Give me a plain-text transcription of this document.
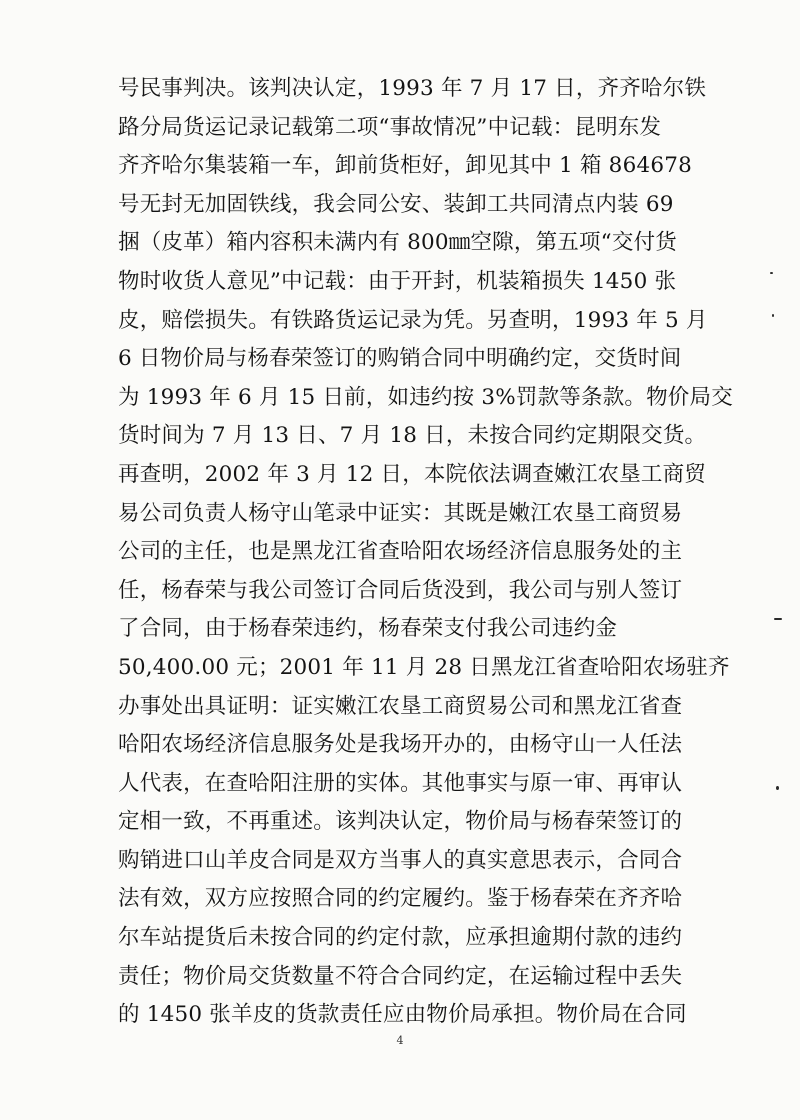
号民事判决。该判决认定，1993 年 7 月 17 日，齐齐哈尔铁
路分局货运记录记载第二项“事故情况”中记载：昆明东发
齐齐哈尔集装箱一车，卸前货柜好，卸见其中 1 箱 864678
号无封无加固铁线，我会同公安、装卸工共同清点内装 69
捆（皮革）箱内容积未满内有 800㎜空隙，第五项“交付货
物时收货人意见”中记载：由于开封，机装箱损失 1450 张
皮，赔偿损失。有铁路货运记录为凭。另查明，1993 年 5 月
6 日物价局与杨春荣签订的购销合同中明确约定，交货时间
为 1993 年 6 月 15 日前，如违约按 3%罚款等条款。物价局交
货时间为 7 月 13 日、7 月 18 日，未按合同约定期限交货。
再查明，2002 年 3 月 12 日，本院依法调查嫩江农垦工商贸
易公司负责人杨守山笔录中证实：其既是嫩江农垦工商贸易
公司的主任，也是黑龙江省查哈阳农场经济信息服务处的主
任，杨春荣与我公司签订合同后货没到，我公司与别人签订
了合同，由于杨春荣违约，杨春荣支付我公司违约金
50,400.00 元；2001 年 11 月 28 日黑龙江省查哈阳农场驻齐
办事处出具证明：证实嫩江农垦工商贸易公司和黑龙江省查
哈阳农场经济信息服务处是我场开办的，由杨守山一人任法
人代表，在查哈阳注册的实体。其他事实与原一审、再审认
定相一致，不再重述。该判决认定，物价局与杨春荣签订的
购销进口山羊皮合同是双方当事人的真实意思表示，合同合
法有效，双方应按照合同的约定履约。鉴于杨春荣在齐齐哈
尔车站提货后未按合同的约定付款，应承担逾期付款的违约
责任；物价局交货数量不符合合同约定，在运输过程中丢失
的 1450 张羊皮的货款责任应由物价局承担。物价局在合同
4
